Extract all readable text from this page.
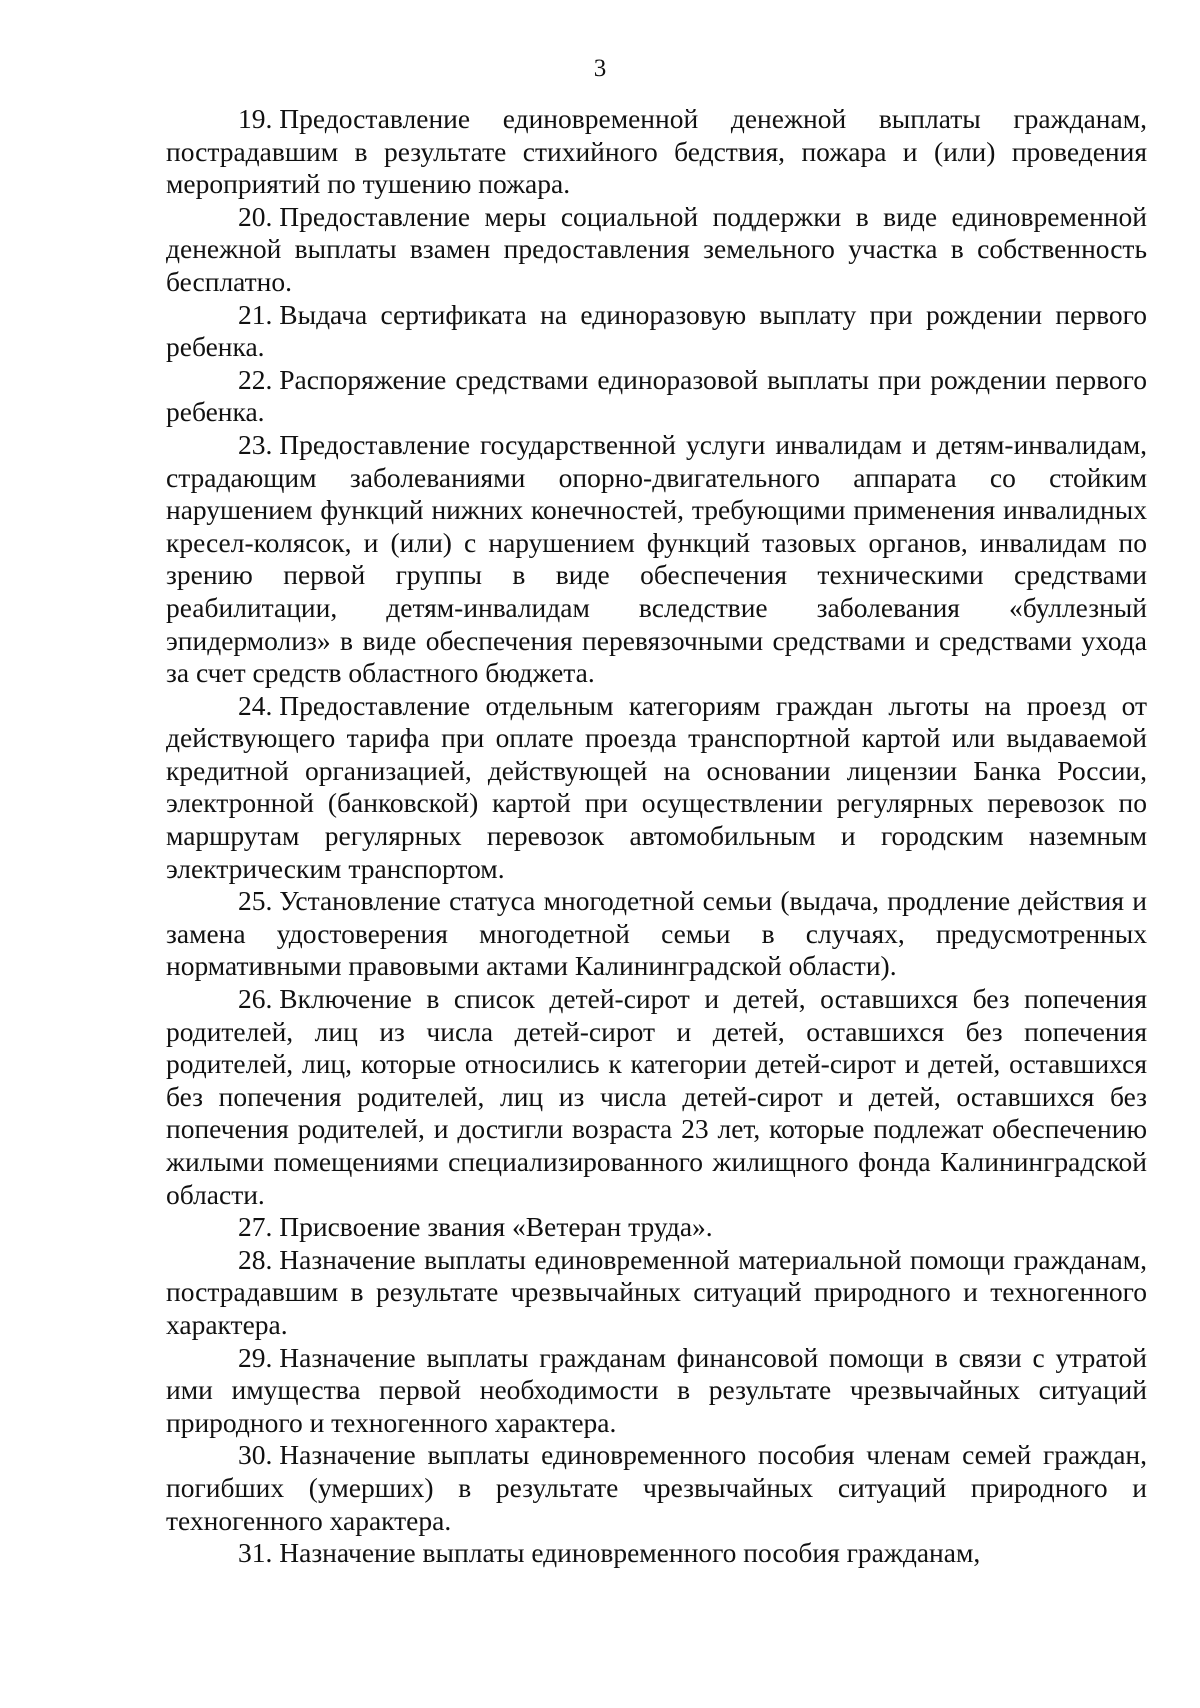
3

19. Предоставление единовременной денежной выплаты гражданам, пострадавшим в результате стихийного бедствия, пожара и (или) проведения мероприятий по тушению пожара.

20. Предоставление меры социальной поддержки в виде единовременной денежной выплаты взамен предоставления земельного участка в собственность бесплатно.

21. Выдача сертификата на единоразовую выплату при рождении первого ребенка.

22. Распоряжение средствами единоразовой выплаты при рождении первого ребенка.

23. Предоставление государственной услуги инвалидам и детям-инвалидам, страдающим заболеваниями опорно-двигательного аппарата со стойким нарушением функций нижних конечностей, требующими применения инвалидных кресел-колясок, и (или) с нарушением функций тазовых органов, инвалидам по зрению первой группы в виде обеспечения техническими средствами реабилитации, детям-инвалидам вследствие заболевания «буллезный эпидермолиз» в виде обеспечения перевязочными средствами и средствами ухода за счет средств областного бюджета.

24. Предоставление отдельным категориям граждан льготы на проезд от действующего тарифа при оплате проезда транспортной картой или выдаваемой кредитной организацией, действующей на основании лицензии Банка России, электронной (банковской) картой при осуществлении регулярных перевозок по маршрутам регулярных перевозок автомобильным и городским наземным электрическим транспортом.

25. Установление статуса многодетной семьи (выдача, продление действия и замена удостоверения многодетной семьи в случаях, предусмотренных нормативными правовыми актами Калининградской области).

26. Включение в список детей-сирот и детей, оставшихся без попечения родителей, лиц из числа детей-сирот и детей, оставшихся без попечения родителей, лиц, которые относились к категории детей-сирот и детей, оставшихся без попечения родителей, лиц из числа детей-сирот и детей, оставшихся без попечения родителей, и достигли возраста 23 лет, которые подлежат обеспечению жилыми помещениями специализированного жилищного фонда Калининградской области.

27. Присвоение звания «Ветеран труда».

28. Назначение выплаты единовременной материальной помощи гражданам, пострадавшим в результате чрезвычайных ситуаций природного и техногенного характера.

29. Назначение выплаты гражданам финансовой помощи в связи с утратой ими имущества первой необходимости в результате чрезвычайных ситуаций природного и техногенного характера.

30. Назначение выплаты единовременного пособия членам семей граждан, погибших (умерших) в результате чрезвычайных ситуаций природного и техногенного характера.

31. Назначение выплаты единовременного пособия гражданам,
